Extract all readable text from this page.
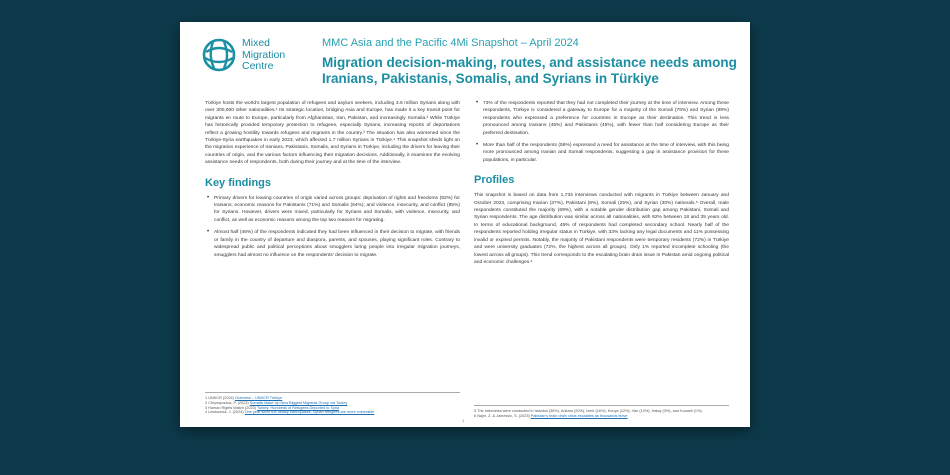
Mixed
Migration
Centre
MMC Asia and the Pacific 4Mi Snapshot – April 2024
Migration decision-making, routes, and assistance needs among Iranians, Pakistanis, Somalis, and Syrians in Türkiye

Türkiye hosts the world's largest population of refugees and asylum seekers, including 3.6 million Syrians along with over 300,000 other nationalities.¹ Its strategic location, bridging Asia and Europe, has made it a key transit point for migrants en route to Europe, particularly from Afghanistan, Iran, Pakistan, and increasingly Somalia.² While Türkiye has historically provided temporary protection to refugees, especially Syrians, increasing reports of deportations reflect a growing hostility towards refugees and migrants in the country.³ The situation has also worsened since the Türkiye-Syria earthquakes in early 2023, which affected 1.7 million Syrians in Türkiye.⁴ This snapshot sheds light on the migration experience of Iranians, Pakistanis, Somalis, and Syrians in Türkiye, including the drivers for leaving their countries of origin, and the various factors influencing their migration decisions. Additionally, it examines the evolving assistance needs of respondents, both during their journey and at the time of the interview.

Key findings
• Primary drivers for leaving countries of origin varied across groups: deprivation of rights and freedoms (82%) for Iranians; economic reasons for Pakistanis (71%) and Somalis (64%); and violence, insecurity, and conflict (85%) for Syrians. However, drivers were mixed, particularly for Syrians and Somalis, with violence, insecurity, and conflict, as well as economic reasons among the top two reasons for migrating.
• Almost half (46%) of the respondents indicated they had been influenced in their decision to migrate, with friends or family in the country of departure and diaspora, parents, and spouses, playing significant roles. Contrary to widespread public and political perceptions about smugglers luring people into irregular migration journeys, smugglers had almost no influence on the respondents' decision to migrate.
• 73% of the respondents reported that they had not completed their journey at the time of interview. Among these respondents, Türkiye is considered a gateway to Europe for a majority of the Somali (76%) and Syrian (89%) respondents who expressed a preference for countries in Europe as their destination. This trend is less pronounced among Iranians (45%) and Pakistanis (45%), with fewer than half considering Europe as their preferred destination.
• More than half of the respondents (56%) expressed a need for assistance at the time of interview, with this being more pronounced among Iranian and Somali respondents, suggesting a gap in assistance provision for these populations, in particular.
Profiles

This snapshot is based on data from 1,734 interviews conducted with migrants in Türkiye between January and October 2023, comprising Iranian (37%), Pakistani (8%), Somali (25%), and Syrian (30%) nationals.⁵ Overall, male respondents constituted the majority (69%), with a notable gender distribution gap among Pakistani, Somali and Syrian respondents. The age distribution was similar across all nationalities, with 82% between 18 and 35 years old. In terms of educational background, 45% of respondents had completed secondary school. Nearly half of the respondents reported holding irregular status in Türkiye, with 33% lacking any legal documents and 11% possessing invalid or expired permits. Notably, the majority of Pakistani respondents were temporary residents (72%) in Türkiye and were university graduates (72%, the highest across all groups). Only 1% reported incomplete schooling (the lowest across all groups). This trend corresponds to the escalating brain drain issue in Pakistan amid ongoing political and economic challenges.⁶

1 UNHCR (2024) Overview – UNHCR Türkiye

2 Chrysopoulos, P. (2023) Somalis Make Up New Biggest Migrants Group via Turkey

3 Human Rights Watch (2023) Turkey: Hundreds of Refugees Deported to Syria

4 Lewkowicz, J. (2024) One year since the deadly earthquakes, Syrian refugees are more vulnerable	5 The interviews were conducted in Istanbul (38%), Ankara (20%), Izmir (16%), Konya (12%), Van (10%), Hatay (3%), and Kocaeli (1%).

6 Najm, Z. & Jamesvic, S. (2023) Pakistan's brain drain crisis escalates as thousands leave

1
